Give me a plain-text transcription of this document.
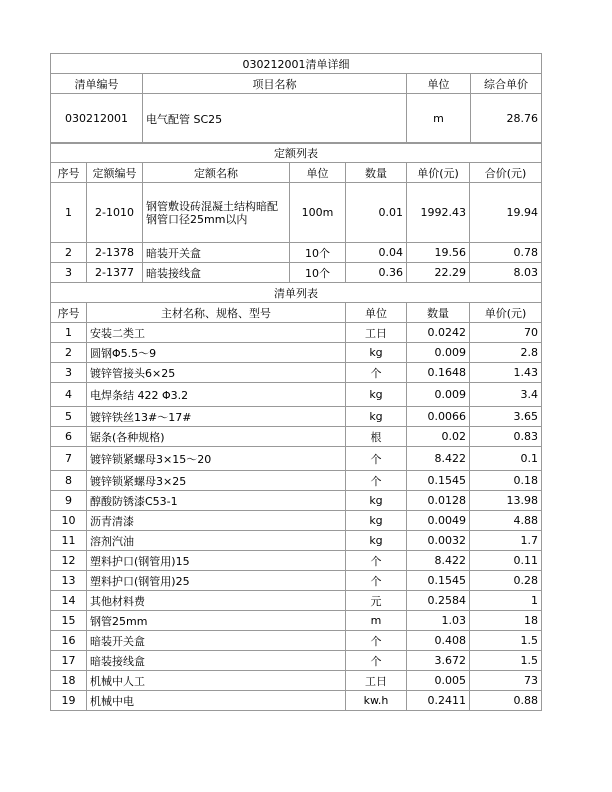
030212001清单详细			
清单编号	项目名称	单位	综合单价
030212001	电气配管 SC25	m	28.76
定额列表							
序号	定额编号	定额名称	单位	数量	单价(元)	合价(元)	
1	2-1010	钢管敷设砖混凝土结构暗配 钢管口径25mm以内	100m	0.01	1992.43	19.94	
2	2-1378	暗装开关盒	10个	0.04	19.56	0.78	
3	2-1377	暗装接线盒	10个	0.36	22.29	8.03	
清单列表							
序号	主材名称、规格、型号			单位	数量	单价(元)	
1	安装二类工			工日	0.0242	70	
2	圆钢Φ5.5～9			kg	0.009	2.8	
3	镀锌管接头6×25			个	0.1648	1.43	
4	电焊条结 422 Φ3.2			kg	0.009	3.4	
5	镀锌铁丝13#～17#			kg	0.0066	3.65	
6	锯条(各种规格)			根	0.02	0.83	
7	镀锌锁紧螺母3×15～20			个	8.422	0.1	
8	镀锌锁紧螺母3×25			个	0.1545	0.18	
9	醇酸防锈漆C53-1			kg	0.0128	13.98	
10	沥青清漆			kg	0.0049	4.88	
11	溶剂汽油			kg	0.0032	1.7	
12	塑料护口(钢管用)15			个	8.422	0.11	
13	塑料护口(钢管用)25			个	0.1545	0.28	
14	其他材料费			元	0.2584	1	
15	钢管25mm			m	1.03	18	
16	暗装开关盒			个	0.408	1.5	
17	暗装接线盒			个	3.672	1.5	
18	机械中人工			工日	0.005	73	
19	机械中电			kw.h	0.2411	0.88	
